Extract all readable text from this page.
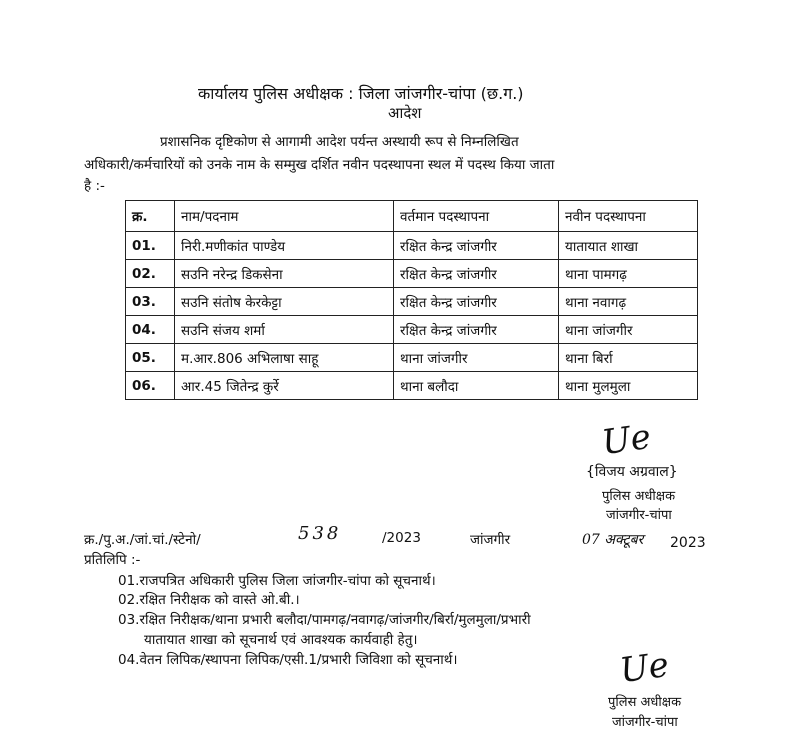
कार्यालय पुलिस अधीक्षक : जिला जांजगीर-चांपा (छ.ग.)
आदेश
प्रशासनिक दृष्टिकोण से आगामी आदेश पर्यन्त अस्थायी रूप से निम्नलिखित
अधिकारी/कर्मचारियों को उनके नाम के सम्मुख दर्शित नवीन पदस्थापना स्थल में पदस्थ किया जाता
है :-
क्र.	नाम/पदनाम	वर्तमान पदस्थापना	नवीन पदस्थापना
01.	निरी.मणीकांत पाण्डेय	रक्षित केन्द्र जांजगीर	यातायात शाखा
02.	सउनि नरेन्द्र डिकसेना	रक्षित केन्द्र जांजगीर	थाना पामगढ़
03.	सउनि संतोष केरकेट्टा	रक्षित केन्द्र जांजगीर	थाना नवागढ़
04.	सउनि संजय शर्मा	रक्षित केन्द्र जांजगीर	थाना जांजगीर
05.	म.आर.806 अभिलाषा साहू	थाना जांजगीर	थाना बिर्रा
06.	आर.45 जितेन्द्र कुर्रे	थाना बलौदा	थाना मुलमुला
Ue
{विजय अग्रवाल}
पुलिस अधीक्षक
जांजगीर-चांपा
क्र./पु.अ./जां.चां./स्टेनो/	538	/2023	जांजगीर	07 अक्टूबर 2023
प्रतिलिपि :-
01.राजपत्रित अधिकारी पुलिस जिला जांजगीर-चांपा को सूचनार्थ।
02.रक्षित निरीक्षक को वास्ते ओ.बी.।
03.रक्षित निरीक्षक/थाना प्रभारी बलौदा/पामगढ़/नवागढ़/जांजगीर/बिर्रा/मुलमुला/प्रभारी
यातायात शाखा को सूचनार्थ एवं आवश्यक कार्यवाही हेतु।
04.वेतन लिपिक/स्थापना लिपिक/एसी.1/प्रभारी जिविशा को सूचनार्थ।	Ue
पुलिस अधीक्षक
जांजगीर-चांपा
